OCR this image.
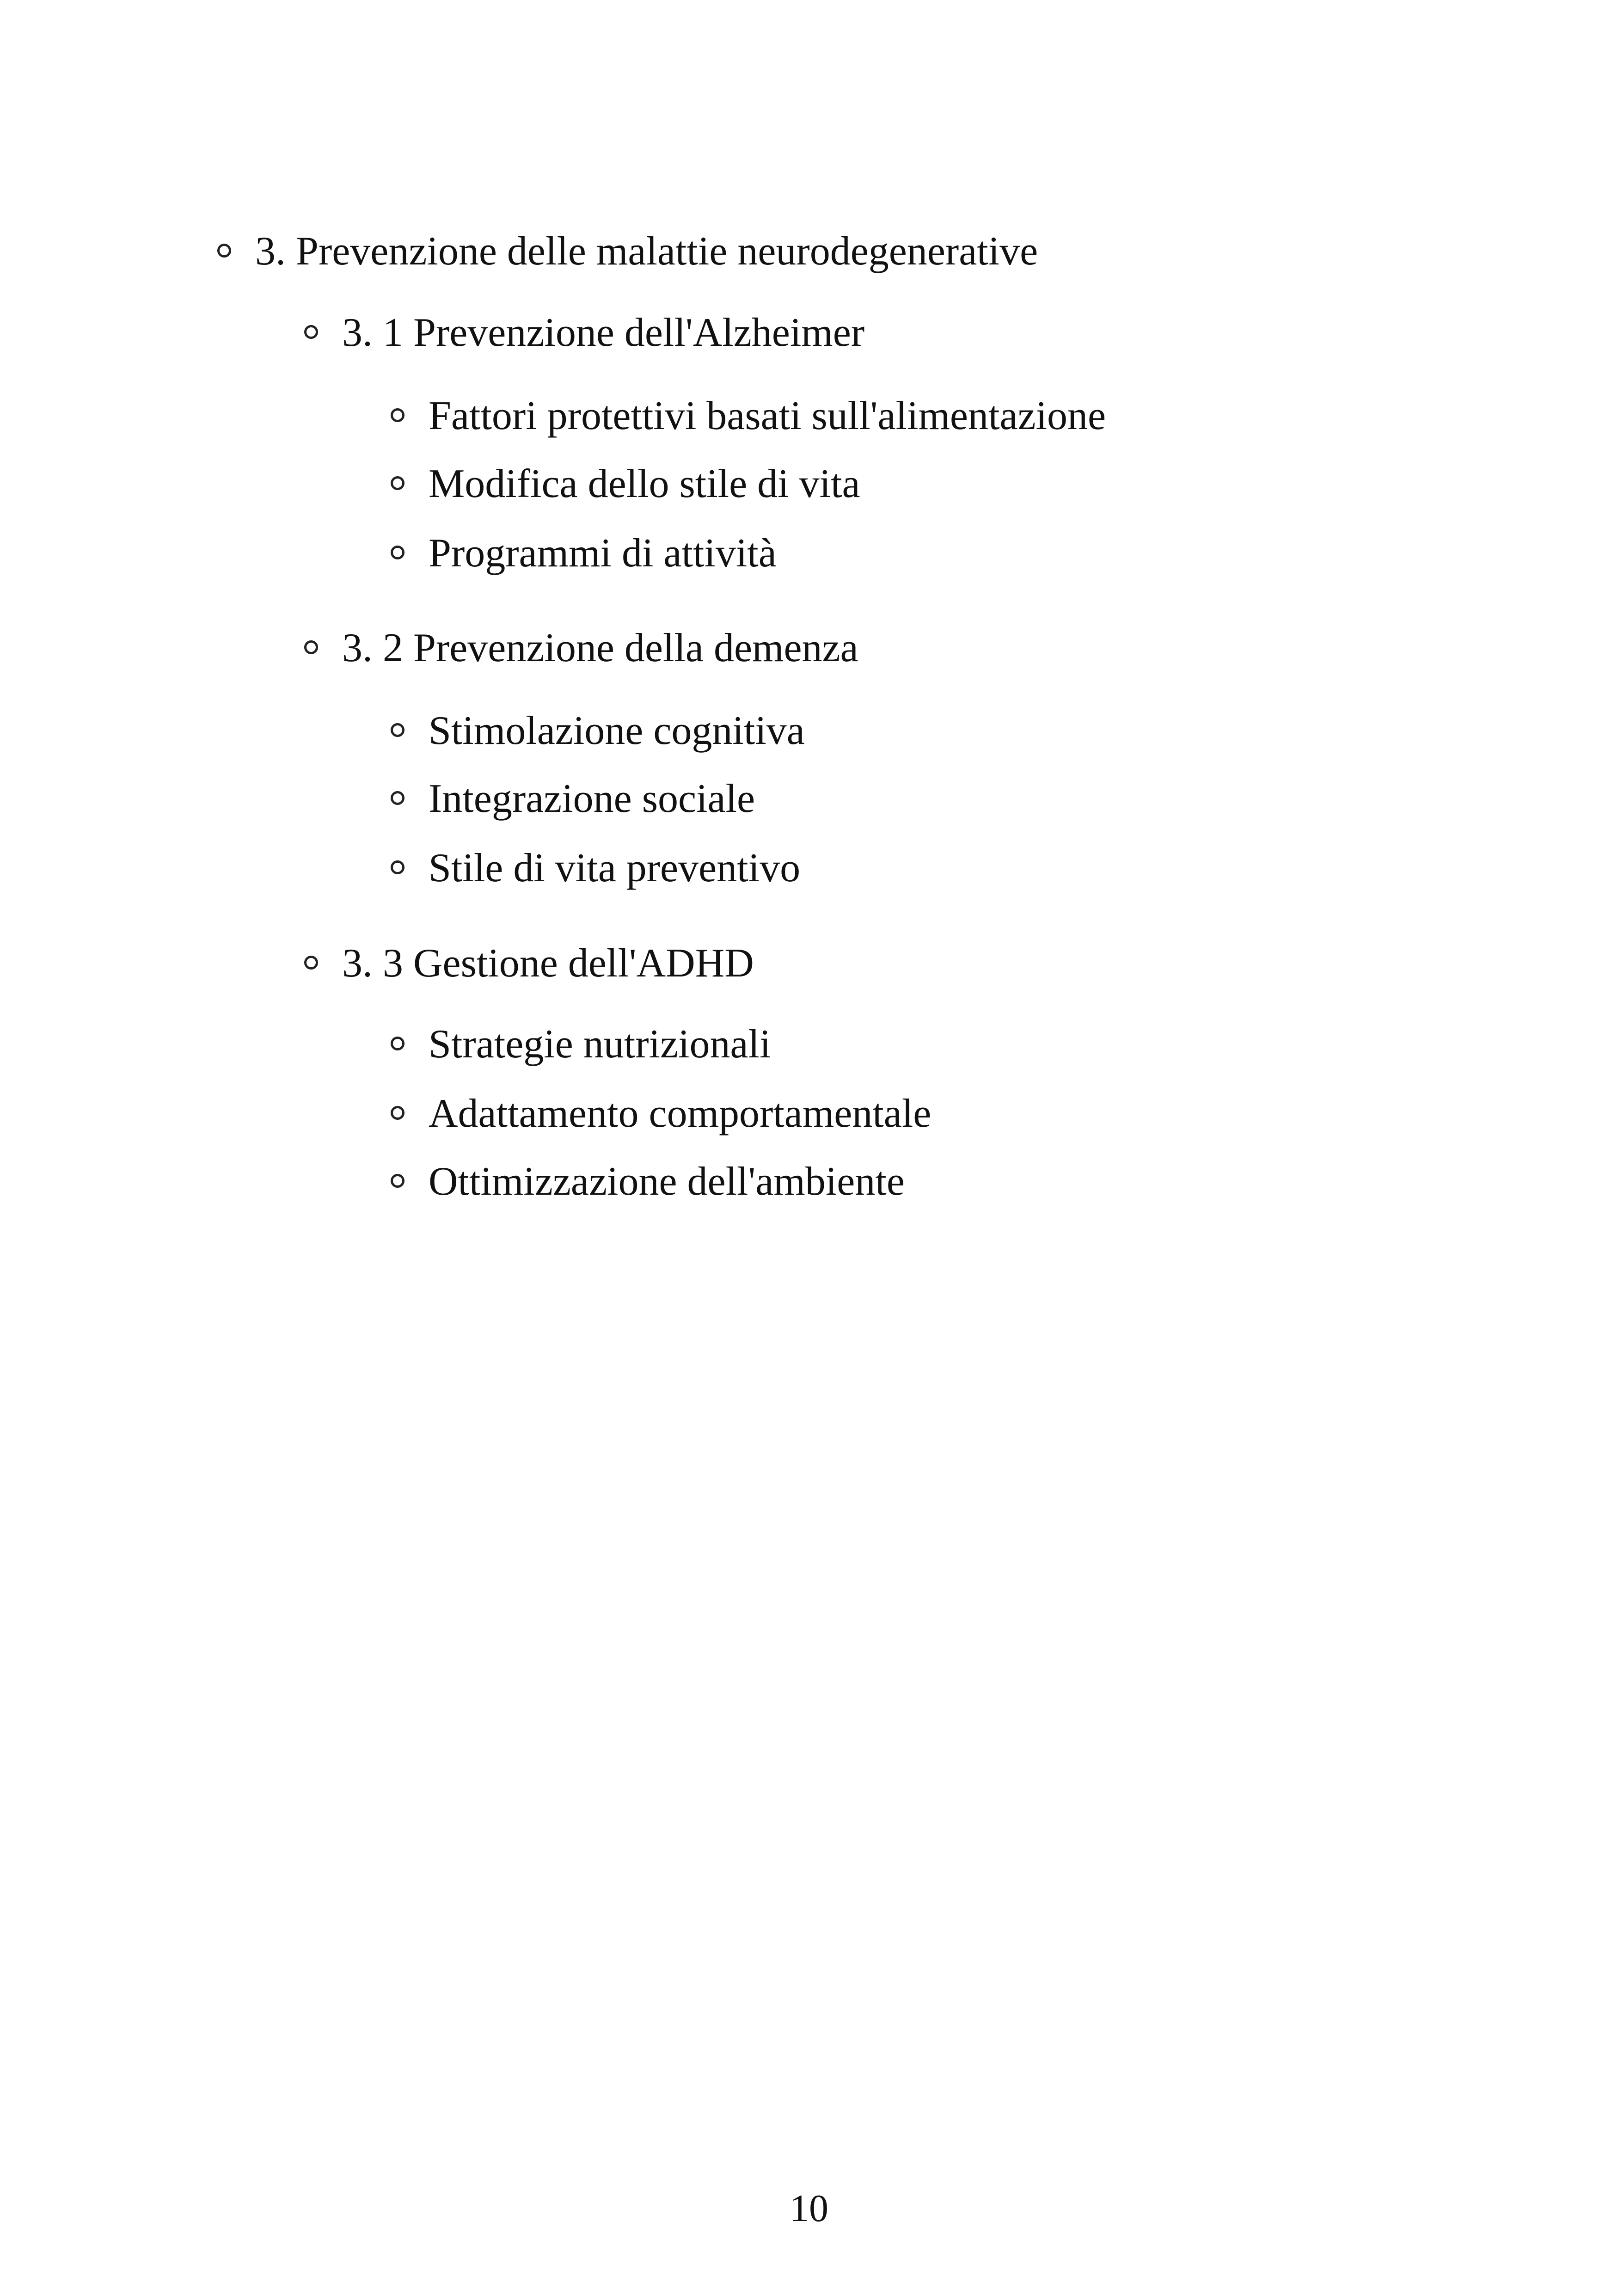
3. Prevenzione delle malattie neurodegenerative
3. 1 Prevenzione dell'Alzheimer
Fattori protettivi basati sull'alimentazione
Modifica dello stile di vita
Programmi di attività
3. 2 Prevenzione della demenza
Stimolazione cognitiva
Integrazione sociale
Stile di vita preventivo
3. 3 Gestione dell'ADHD
Strategie nutrizionali
Adattamento comportamentale
Ottimizzazione dell'ambiente
10
